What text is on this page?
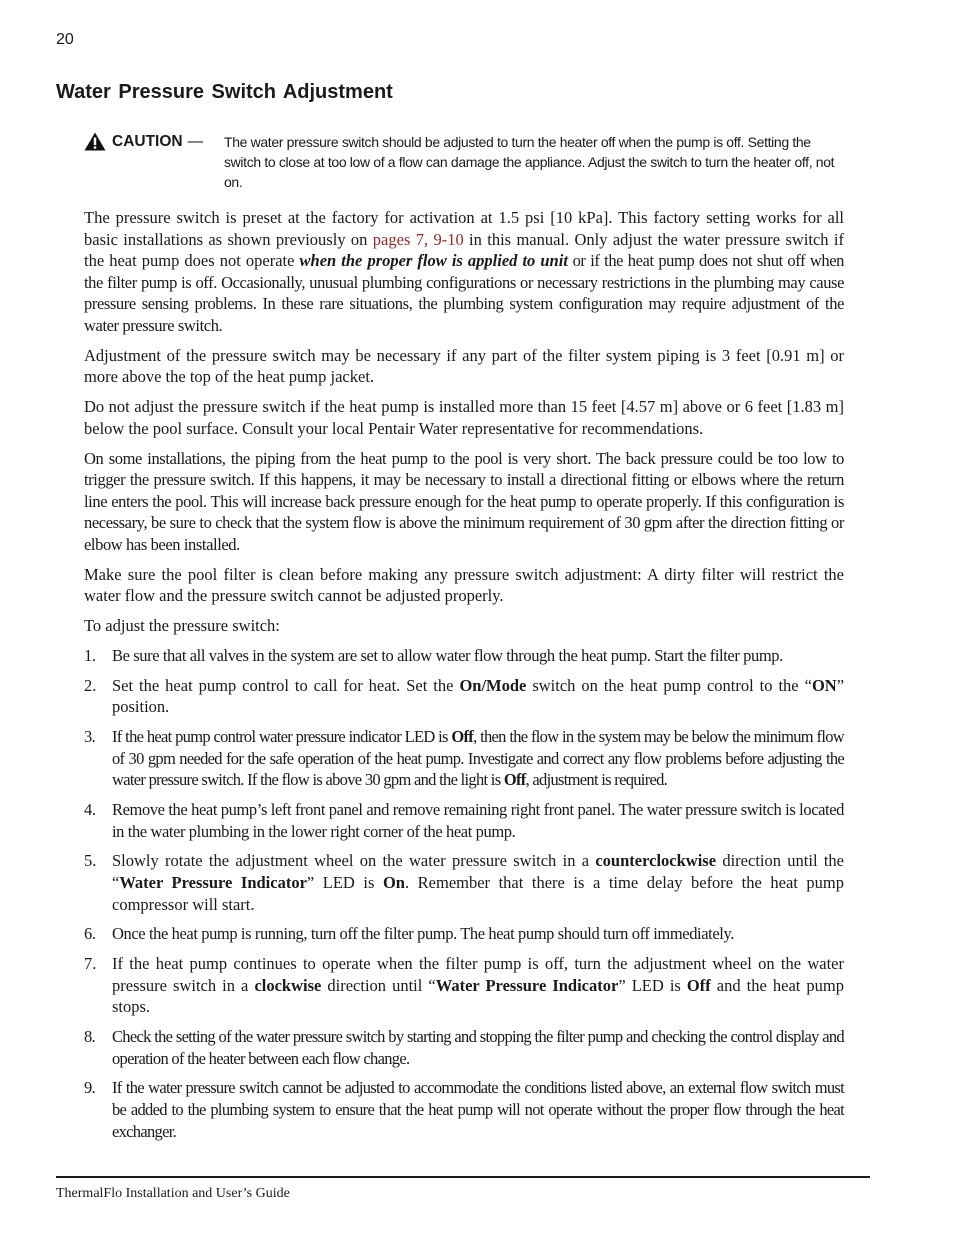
20
Water Pressure Switch Adjustment
CAUTION — The water pressure switch should be adjusted to turn the heater off when the pump is off. Setting the switch to close at too low of a flow can damage the appliance. Adjust the switch to turn the heater off, not on.

The pressure switch is preset at the factory for activation at 1.5 psi [10 kPa]. This factory setting works for all basic installations as shown previously on pages 7, 9-10 in this manual. Only adjust the water pressure switch if the heat pump does not operate when the proper flow is applied to unit or if the heat pump does not shut off when the filter pump is off. Occasionally, unusual plumbing configurations or necessary restrictions in the plumbing may cause pressure sensing problems. In these rare situations, the plumbing system configuration may require adjustment of the water pressure switch.

Adjustment of the pressure switch may be necessary if any part of the filter system piping is 3 feet [0.91 m] or more above the top of the heat pump jacket.

Do not adjust the pressure switch if the heat pump is installed more than 15 feet [4.57 m] above or 6 feet [1.83 m] below the pool surface. Consult your local Pentair Water representative for recommendations.

On some installations, the piping from the heat pump to the pool is very short. The back pressure could be too low to trigger the pressure switch. If this happens, it may be necessary to install a directional fitting or elbows where the return line enters the pool. This will increase back pressure enough for the heat pump to operate properly. If this configuration is necessary, be sure to check that the system flow is above the minimum requirement of 30 gpm after the direction fitting or elbow has been installed.

Make sure the pool filter is clean before making any pressure switch adjustment: A dirty filter will restrict the water flow and the pressure switch cannot be adjusted properly.

To adjust the pressure switch:

1. Be sure that all valves in the system are set to allow water flow through the heat pump. Start the filter pump.
2. Set the heat pump control to call for heat. Set the On/Mode switch on the heat pump control to the “ON” position.
3. If the heat pump control water pressure indicator LED is Off, then the flow in the system may be below the minimum flow of 30 gpm needed for the safe operation of the heat pump. Investigate and correct any flow problems before adjusting the water pressure switch. If the flow is above 30 gpm and the light is Off, adjustment is required.
4. Remove the heat pump’s left front panel and remove remaining right front panel. The water pressure switch is located in the water plumbing in the lower right corner of the heat pump.
5. Slowly rotate the adjustment wheel on the water pressure switch in a counterclockwise direction until the “Water Pressure Indicator” LED is On. Remember that there is a time delay before the heat pump compressor will start.
6. Once the heat pump is running, turn off the filter pump. The heat pump should turn off immediately.
7. If the heat pump continues to operate when the filter pump is off, turn the adjustment wheel on the water pressure switch in a clockwise direction until “Water Pressure Indicator” LED is Off and the heat pump stops.
8. Check the setting of the water pressure switch by starting and stopping the filter pump and checking the control display and operation of the heater between each flow change.
9. If the water pressure switch cannot be adjusted to accommodate the conditions listed above, an external flow switch must be added to the plumbing system to ensure that the heat pump will not operate without the proper flow through the heat exchanger.
ThermalFlo Installation and User’s Guide
